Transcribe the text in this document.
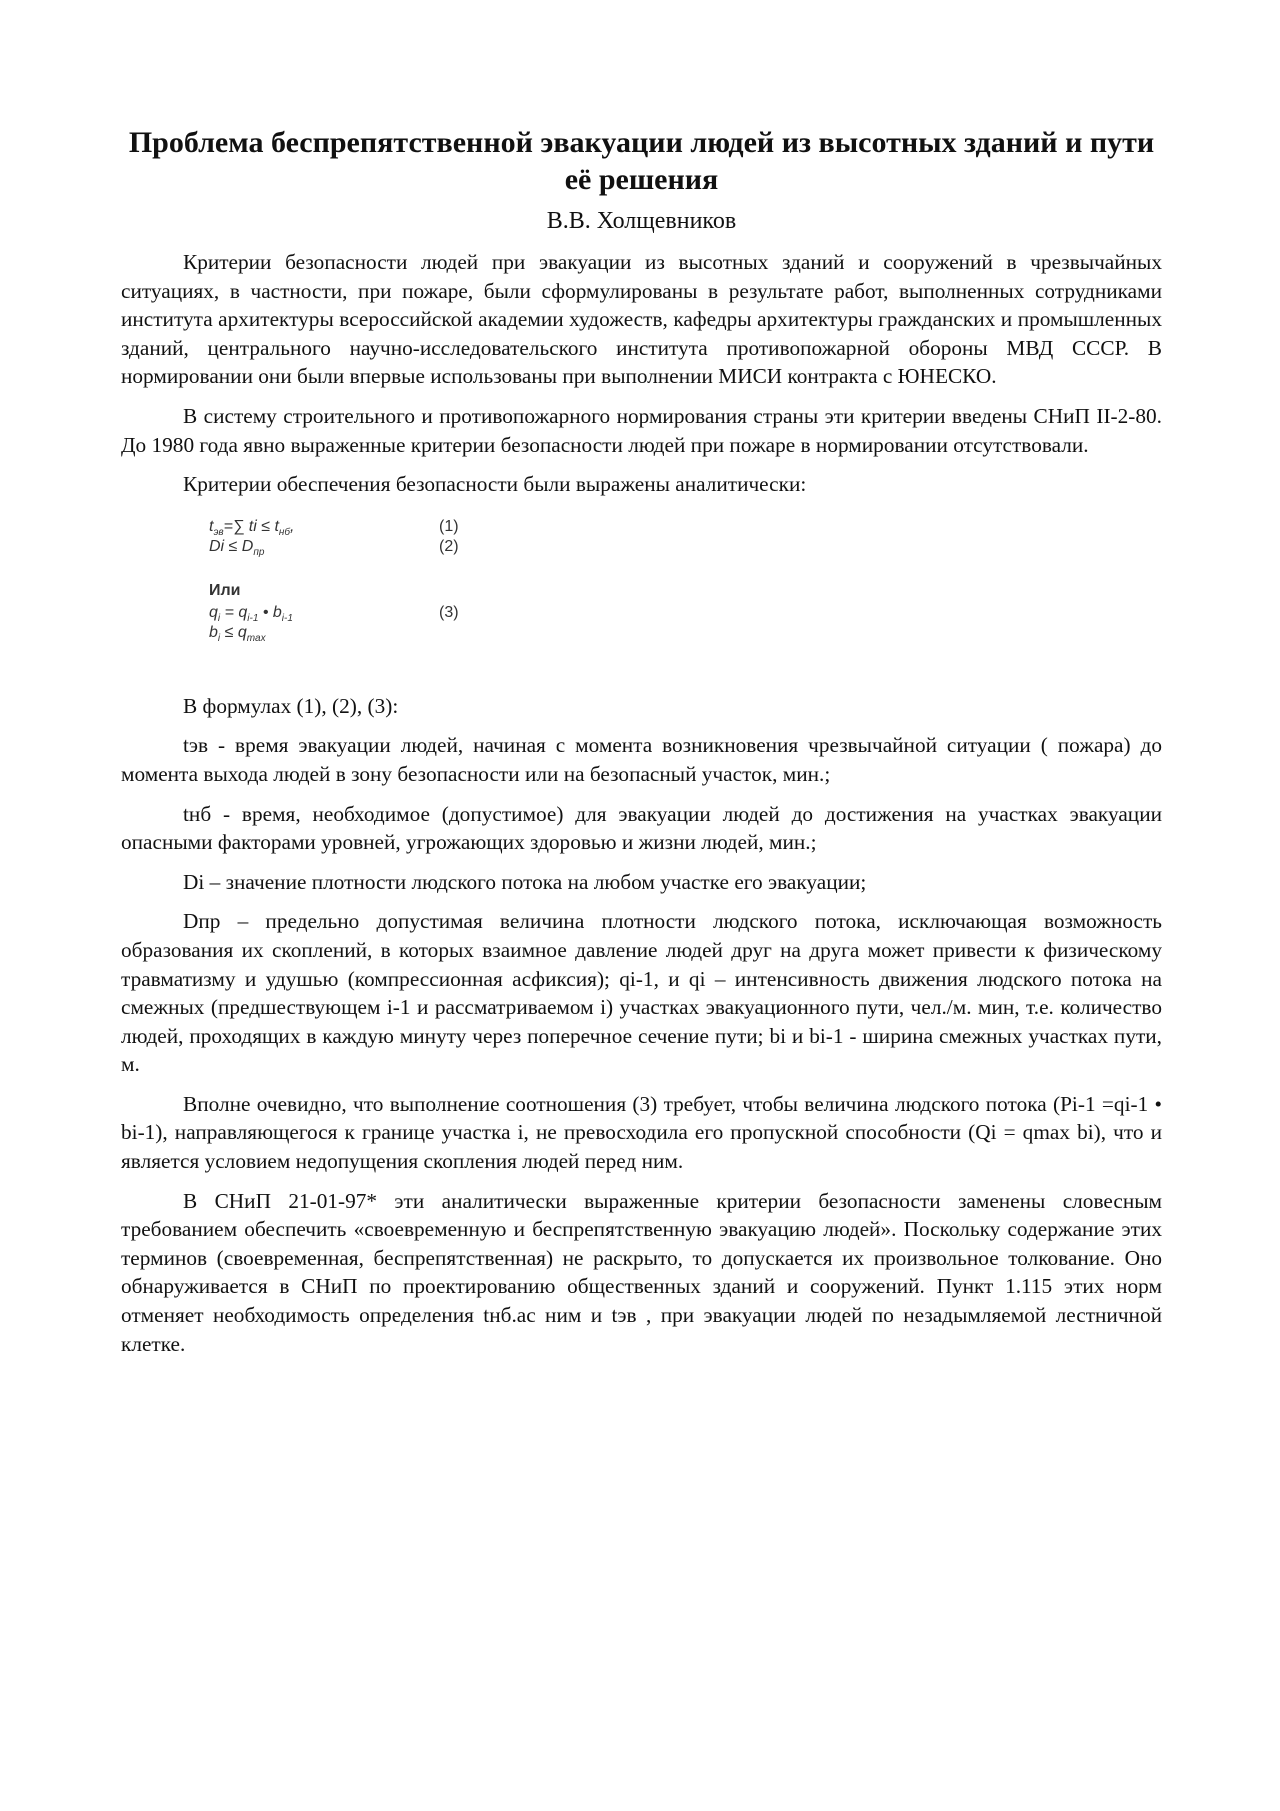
Проблема беспрепятственной эвакуации людей из высотных зданий и пути её решения
В.В. Холщевников

Критерии безопасности людей при эвакуации из высотных зданий и сооружений в чрезвычайных ситуациях, в частности, при пожаре, были сформулированы в результате работ, выполненных сотрудниками института архитектуры всероссийской академии художеств, кафедры архитектуры гражданских и промышленных зданий, центрального научно-исследовательского института противопожарной обороны МВД СССР. В нормировании они были впервые использованы при выполнении МИСИ контракта с ЮНЕСКО.

В систему строительного и противопожарного нормирования страны эти критерии введены СНиП II-2-80. До 1980 года явно выраженные критерии безопасности людей при пожаре в нормировании отсутствовали.

Критерии обеспечения безопасности были выражены аналитически:

$t_{эв}=\sum$ ti ≤ $t_{нб}$,	(1)
$Di \le D_{пр}$	(2)
Или
$q_i = q_{i-1}$ • $b_{i-1}$	(3)
$b_i \le q_{max}$

В формулах (1), (2), (3):

tэв - время эвакуации людей, начиная с момента возникновения чрезвычайной ситуации ( пожара) до момента выхода людей в зону безопасности или на безопасный участок, мин.;

tнб - время, необходимое (допустимое) для эвакуации людей до достижения на участках эвакуации опасными факторами уровней, угрожающих здоровью и жизни людей, мин.;

Di – значение плотности людского потока на любом участке его эвакуации;

Dпр – предельно допустимая величина плотности людского потока, исключающая возможность образования их скоплений, в которых взаимное давление людей друг на друга может привести к физическому травматизму и удушью (компрессионная асфиксия); qi-1, и qi – интенсивность движения людского потока на смежных (предшествующем i-1 и рассматриваемом i) участках эвакуационного пути, чел./м. мин, т.е. количество людей, проходящих в каждую минуту через поперечное сечение пути; bi и bi-1 - ширина смежных участках пути, м.

Вполне очевидно, что выполнение соотношения (3) требует, чтобы величина людского потока (Pi-1 =qi-1 • bi-1), направляющегося к границе участка i, не превосходила его пропускной способности (Qi = qmax bi), что и является условием недопущения скопления людей перед ним.

В СНиП 21-01-97* эти аналитически выраженные критерии безопасности заменены словесным требованием обеспечить «своевременную и беспрепятственную эвакуацию людей». Поскольку содержание этих терминов (своевременная, беспрепятственная) не раскрыто, то допускается их произвольное толкование. Оно обнаруживается в СНиП по проектированию общественных зданий и сооружений. Пункт 1.115 этих норм отменяет необходимость определения tнб.ас ним и tэв , при эвакуации людей по незадымляемой лестничной клетке.
